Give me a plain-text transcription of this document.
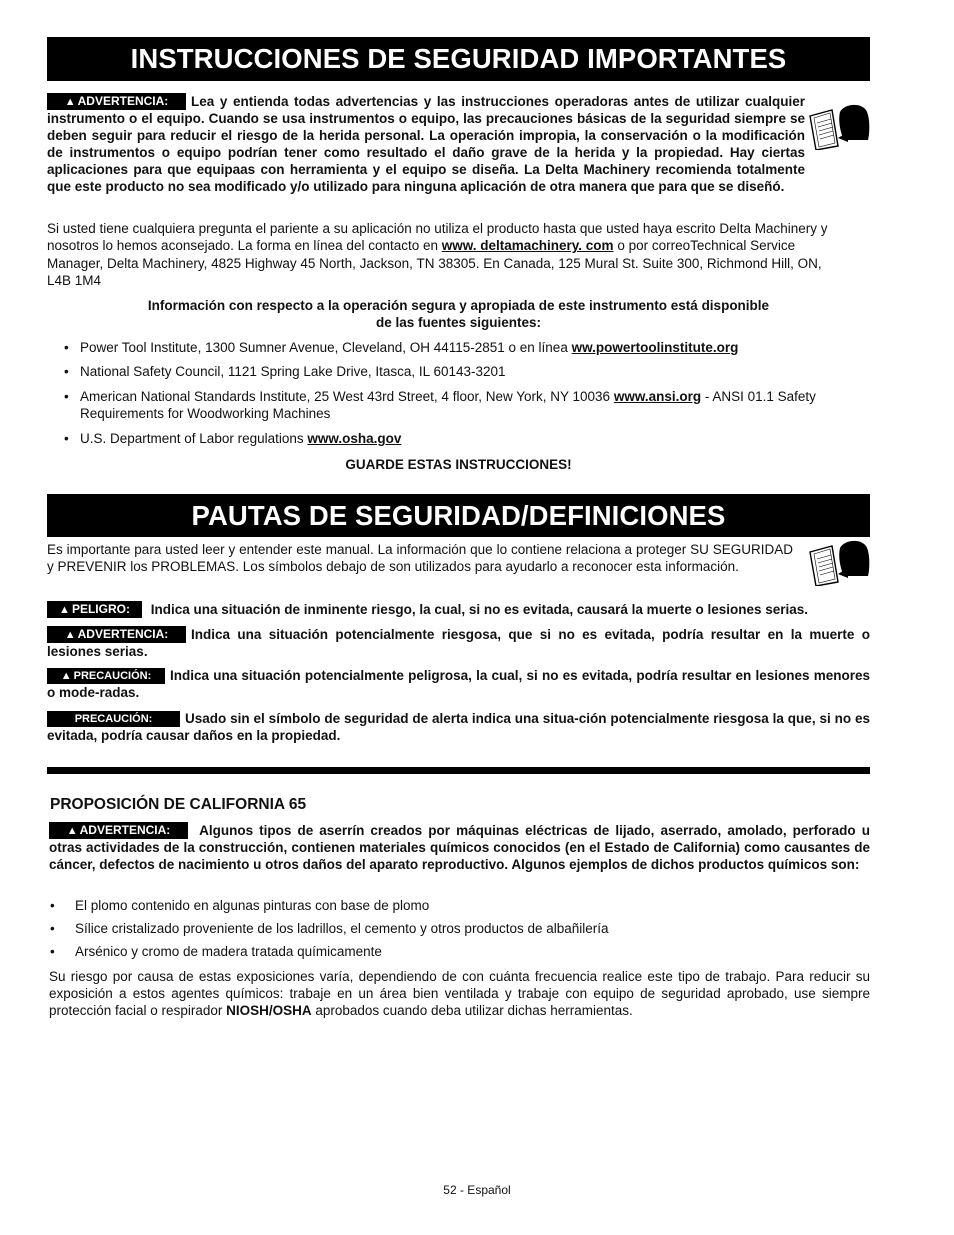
INSTRUCCIONES DE SEGURIDAD IMPORTANTES

▲ ADVERTENCIA: Lea y entienda todas advertencias y las instrucciones operadoras antes de utilizar cualquier instrumento o el equipo. Cuando se usa instrumentos o equipo, las precauciones básicas de la seguridad siempre se deben seguir para reducir el riesgo de la herida personal. La operación impropia, la conservación o la modificación de instrumentos o equipo podrían tener como resultado el daño grave de la herida y la propiedad. Hay ciertas aplicaciones para que equipaas con herramienta y el equipo se diseña. La Delta Machinery recomienda totalmente que este producto no sea modificado y/o utilizado para ninguna aplicación de otra manera que para que se diseñó.

Si usted tiene cualquiera pregunta el pariente a su aplicación no utiliza el producto hasta que usted haya escrito Delta Machinery y nosotros lo hemos aconsejado. La forma en línea del contacto en www. deltamachinery. com o por correoTechnical Service Manager, Delta Machinery, 4825 Highway 45 North, Jackson, TN 38305. En Canada, 125 Mural St. Suite 300, Richmond Hill, ON, L4B 1M4

Información con respecto a la operación segura y apropiada de este instrumento está disponible
de las fuentes siguientes:

• Power Tool Institute, 1300 Sumner Avenue, Cleveland, OH 44115-2851 o en línea ww.powertoolinstitute.org
• National Safety Council, 1121 Spring Lake Drive, Itasca, IL 60143-3201
• American National Standards Institute, 25 West 43rd Street, 4 floor, New York, NY 10036 www.ansi.org - ANSI 01.1 Safety Requirements for Woodworking Machines
• U.S. Department of Labor regulations www.osha.gov

GUARDE ESTAS INSTRUCCIONES!

PAUTAS DE SEGURIDAD/DEFINICIONES

Es importante para usted leer y entender este manual. La información que lo contiene relaciona a proteger SU SEGURIDAD y PREVENIR los PROBLEMAS. Los símbolos debajo de son utilizados para ayudarlo a reconocer esta información.

▲ PELIGRO: Indica una situación de inminente riesgo, la cual, si no es evitada, causará la muerte o lesiones serias.

▲ ADVERTENCIA: Indica una situación potencialmente riesgosa, que si no es evitada, podría resultar en la muerte o lesiones serias.

▲ PRECAUCIÓN: Indica una situación potencialmente peligrosa, la cual, si no es evitada, podría resultar en lesiones menores o mode-radas.

PRECAUCIÓN: Usado sin el símbolo de seguridad de alerta indica una situa-ción potencialmente riesgosa la que, si no es evitada, podría causar daños en la propiedad.

PROPOSICIÓN DE CALIFORNIA 65

▲ ADVERTENCIA: Algunos tipos de aserrín creados por máquinas eléctricas de lijado, aserrado, amolado, perforado u otras actividades de la construcción, contienen materiales químicos conocidos (en el Estado de California) como causantes de cáncer, defectos de nacimiento u otros daños del aparato reproductivo. Algunos ejemplos de dichos productos químicos son:

• El plomo contenido en algunas pinturas con base de plomo
• Sílice cristalizado proveniente de los ladrillos, el cemento y otros productos de albañilería
• Arsénico y cromo de madera tratada químicamente

Su riesgo por causa de estas exposiciones varía, dependiendo de con cuánta frecuencia realice este tipo de trabajo. Para reducir su exposición a estos agentes químicos: trabaje en un área bien ventilada y trabaje con equipo de seguridad aprobado, use siempre protección facial o respirador NIOSH/OSHA aprobados cuando deba utilizar dichas herramientas.

52 - Español
